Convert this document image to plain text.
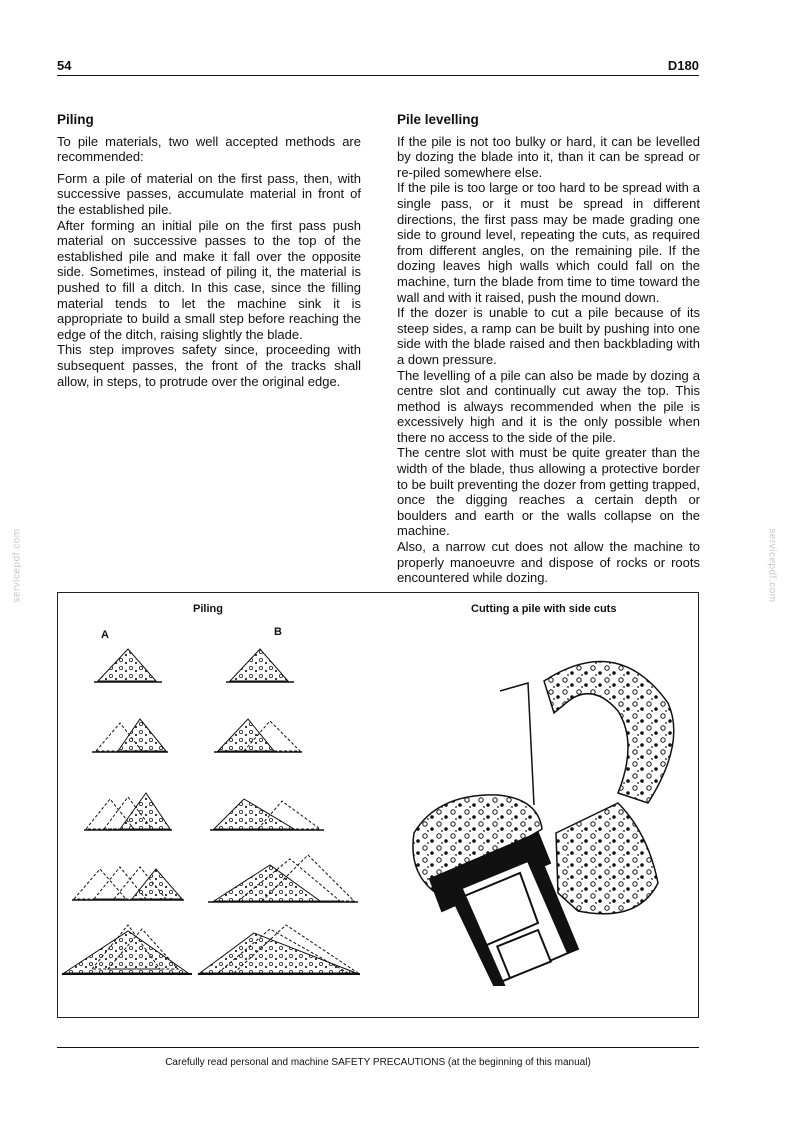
54	D180
Piling

To pile materials, two well accepted methods are recommended:

Form a pile of material on the first pass, then, with successive passes, accumulate material in front of the established pile.

After forming an initial pile on the first pass push material on successive passes to the top of the established pile and make it fall over the opposite side. Sometimes, instead of piling it, the material is pushed to fill a ditch. In this case, since the filling material tends to let the machine sink it is appropriate to build a small step before reaching the edge of the ditch, raising slightly the blade.

This step improves safety since, proceeding with subsequent passes, the front of the tracks shall allow, in steps, to protrude over the original edge.

Pile levelling

If the pile is not too bulky or hard, it can be levelled by dozing the blade into it, than it can be spread or re-piled somewhere else.

If the pile is too large or too hard to be spread with a single pass, or it must be spread in different directions, the first pass may be made grading one side to ground level, repeating the cuts, as required from different angles, on the remaining pile. If the dozing leaves high walls which could fall on the machine, turn the blade from time to time toward the wall and with it raised, push the mound down.

If the dozer is unable to cut a pile because of its steep sides, a ramp can be built by pushing into one side with the blade raised and then backblading with a down pressure.

The levelling of a pile can also be made by dozing a centre slot and continually cut away the top. This method is always recommended when the pile is excessively high and it is the only possible when there no access to the side of the pile.

The centre slot with must be quite greater than the width of the blade, thus allowing a protective border to be built preventing the dozer from getting trapped, once the digging reaches a certain depth or boulders and earth or the walls collapse on the machine.

Also, a narrow cut does not allow the machine to properly manoeuvre and dispose of rocks or roots encountered while dozing.

Piling
A	B
Cutting a pile with side cuts
Carefully read personal and machine SAFETY PRECAUTIONS (at the beginning of this manual)
servicepdf.com	servicepdf.com
